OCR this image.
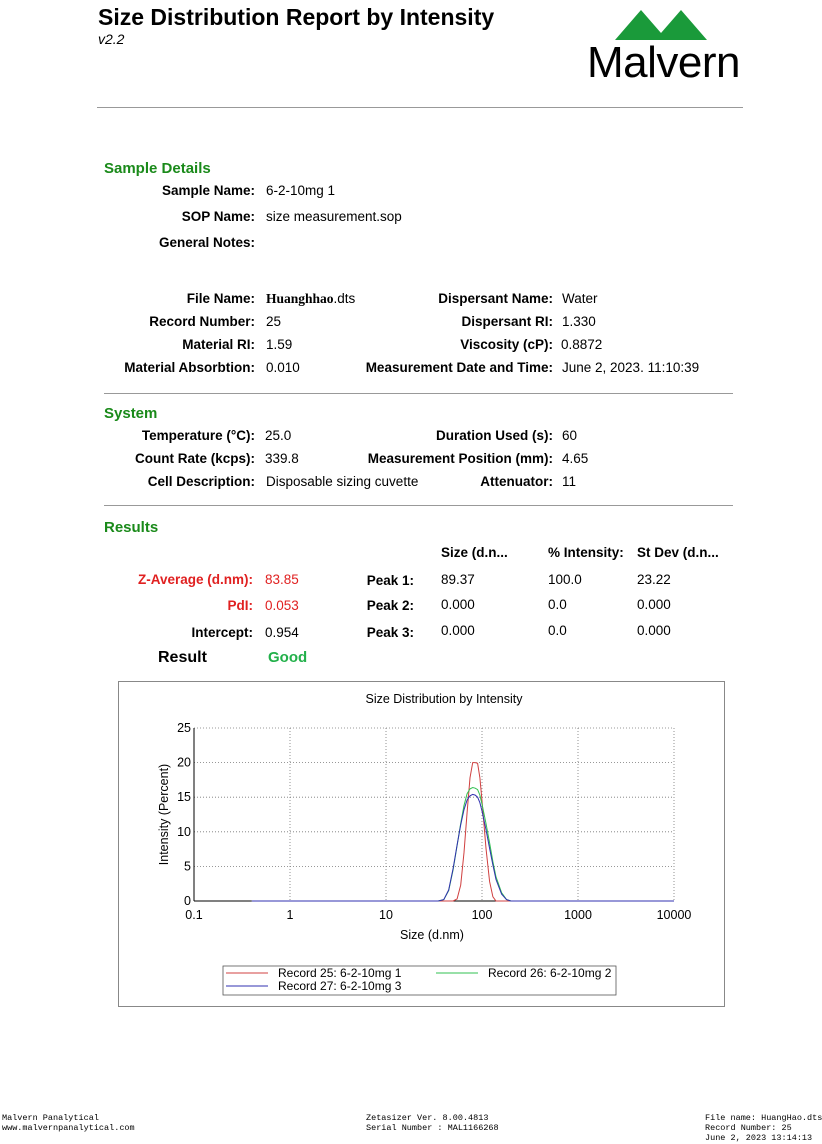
Size Distribution Report by Intensity
v2.2	Malvern
Sample Details
Sample Name: 6-2-10mg 1
SOP Name: size measurement.sop
General Notes:
File Name: Huanghhao.dts
Record Number: 25
Material RI: 1.59
Material Absorbtion: 0.010
Dispersant Name: Water
Dispersant RI: 1.330
Viscosity (cP): 0.8872
Measurement Date and Time: June 2, 2023. 11:10:39
System
Temperature (°C): 25.0
Count Rate (kcps): 339.8
Cell Description: Disposable sizing cuvette
Duration Used (s): 60
Measurement Position (mm): 4.65
Attenuator: 11
Results
Size (d.n...	% Intensity: St Dev (d.n...
Z-Average (d.nm): 83.85
PdI: 0.053
Intercept: 0.954
Peak 1: 89.37	100.0	23.22
Peak 2: 0.000	0.0	0.000
Peak 3: 0.000	0.0	0.000
Result	Good
Size Distribution by Intensity
0.1	1	10	100	1000	10000
0
5
10
15
20
25
Size (d.nm)
Intensity (Percent)
Record 25: 6-2-10mg 1	Record 26: 6-2-10mg 2
Record 27: 6-2-10mg 3
Malvern Panalytical
www.malvernpanalytical.com
Zetasizer Ver. 8.00.4813
Serial Number : MAL1166268
File name: HuangHao.dts
Record Number: 25
June 2, 2023 13:14:13
